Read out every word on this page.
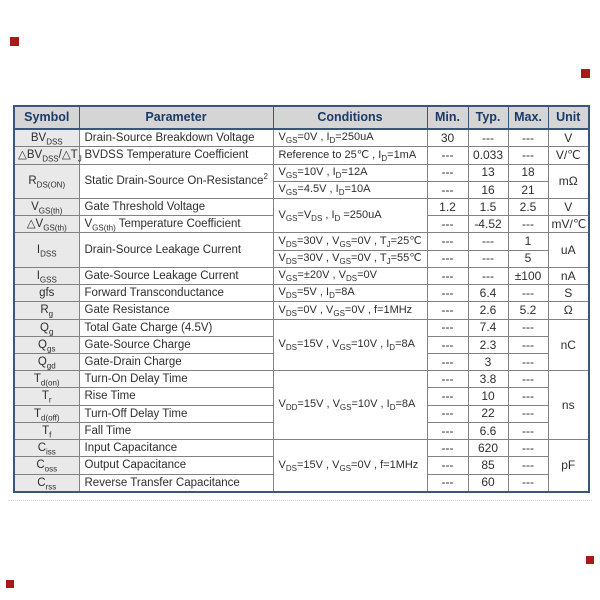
Symbol	Parameter	Conditions	Min.	Typ.	Max.	Unit
$BV_{DSS}$	Drain-Source Breakdown Voltage	$V_{GS}=0V$ , $I_D=250uA$	30	---	---	V
$\triangle BV_{DSS}/\triangle T_J$	BVDSS Temperature Coefficient	Reference to 25℃ , $I_D=1mA$	---	0.033	---	V/℃
$R_{DS(ON)}$	Static Drain-Source On-Resistance$^2$	$V_{GS}=10V$ , $I_D=12A$	---	13	18	mΩ
		$V_{GS}=4.5V$ , $I_D=10A$	---	16	21	
$V_{GS(th)}$	Gate Threshold Voltage	$V_{GS}=V_{DS}$ , $I_D =250uA$	1.2	1.5	2.5	V
$\triangle V_{GS(th)}$	$V_{GS(th)}$ Temperature Coefficient		---	-4.52	---	mV/℃
$I_{DSS}$	Drain-Source Leakage Current	$V_{DS}=30V$ , $V_{GS}=0V$ , $T_J=25℃$	---	---	1	uA
		$V_{DS}=30V$ , $V_{GS}=0V$ , $T_J=55℃$	---	---	5	
$I_{GSS}$	Gate-Source Leakage Current	$V_{GS}=\pm 20V$ , $V_{DS}=0V$	---	---	±100	nA
gfs	Forward Transconductance	$V_{DS}=5V$ , $I_D=8A$	---	6.4	---	S
$R_g$	Gate Resistance	$V_{DS}=0V$ , $V_{GS}=0V$ , f=1MHz	---	2.6	5.2	Ω
$Q_g$	Total Gate Charge (4.5V)	$V_{DS}=15V$ , $V_{GS}=10V$ , $I_D=8A$	---	7.4	---	nC
$Q_{gs}$	Gate-Source Charge		---	2.3	---	
$Q_{gd}$	Gate-Drain Charge		---	3	---	
$T_{d(on)}$	Turn-On Delay Time	$V_{DD}=15V$ , $V_{GS}=10V$ , $I_D=8A$	---	3.8	---	ns
$T_r$	Rise Time		---	10	---	
$T_{d(off)}$	Turn-Off Delay Time		---	22	---	
$T_f$	Fall Time		---	6.6	---	
$C_{iss}$	Input Capacitance	$V_{DS}=15V$ , $V_{GS}=0V$ , f=1MHz	---	620	---	pF
$C_{oss}$	Output Capacitance		---	85	---	
$C_{rss}$	Reverse Transfer Capacitance		---	60	---	
